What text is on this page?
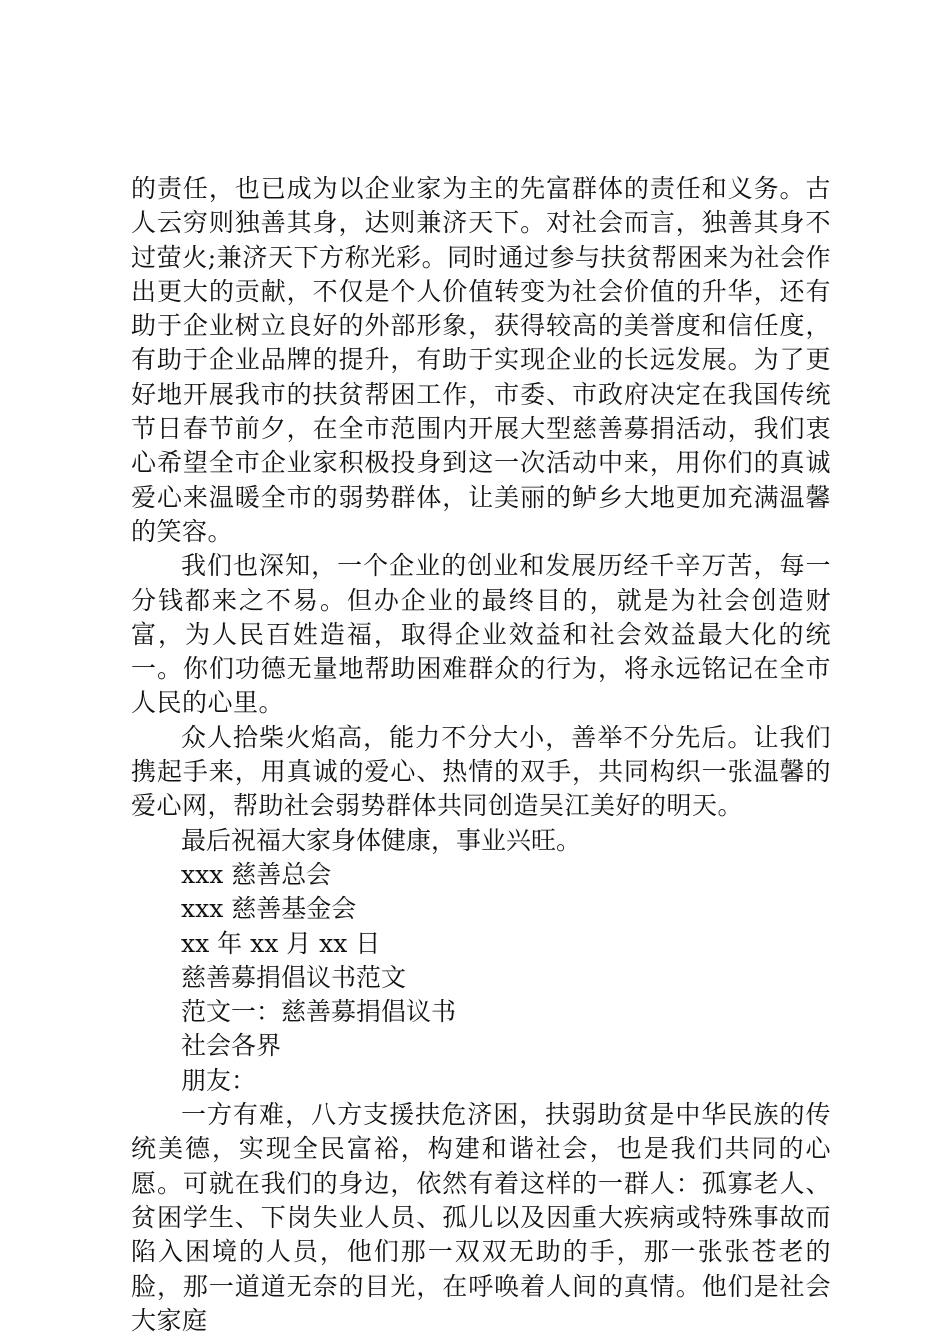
的责任，也已成为以企业家为主的先富群体的责任和义务。古人云穷则独善其身，达则兼济天下。对社会而言，独善其身不过萤火;兼济天下方称光彩。同时通过参与扶贫帮困来为社会作出更大的贡献，不仅是个人价值转变为社会价值的升华，还有助于企业树立良好的外部形象，获得较高的美誉度和信任度，有助于企业品牌的提升，有助于实现企业的长远发展。为了更好地开展我市的扶贫帮困工作，市委、市政府决定在我国传统节日春节前夕，在全市范围内开展大型慈善募捐活动，我们衷心希望全市企业家积极投身到这一次活动中来，用你们的真诚爱心来温暖全市的弱势群体，让美丽的鲈乡大地更加充满温馨的笑容。

我们也深知，一个企业的创业和发展历经千辛万苦，每一分钱都来之不易。但办企业的最终目的，就是为社会创造财富，为人民百姓造福，取得企业效益和社会效益最大化的统一。你们功德无量地帮助困难群众的行为，将永远铭记在全市人民的心里。

众人拾柴火焰高，能力不分大小，善举不分先后。让我们携起手来，用真诚的爱心、热情的双手，共同构织一张温馨的爱心网，帮助社会弱势群体共同创造吴江美好的明天。

最后祝福大家身体健康，事业兴旺。

xxx 慈善总会

xxx 慈善基金会

xx 年 xx 月 xx 日

慈善募捐倡议书范文

范文一：慈善募捐倡议书

社会各界

朋友：

一方有难，八方支援扶危济困，扶弱助贫是中华民族的传统美德，实现全民富裕，构建和谐社会，也是我们共同的心愿。可就在我们的身边，依然有着这样的一群人：孤寡老人、贫困学生、下岗失业人员、孤儿以及因重大疾病或特殊事故而陷入困境的人员，他们那一双双无助的手，那一张张苍老的脸，那一道道无奈的目光，在呼唤着人间的真情。他们是社会大家庭
